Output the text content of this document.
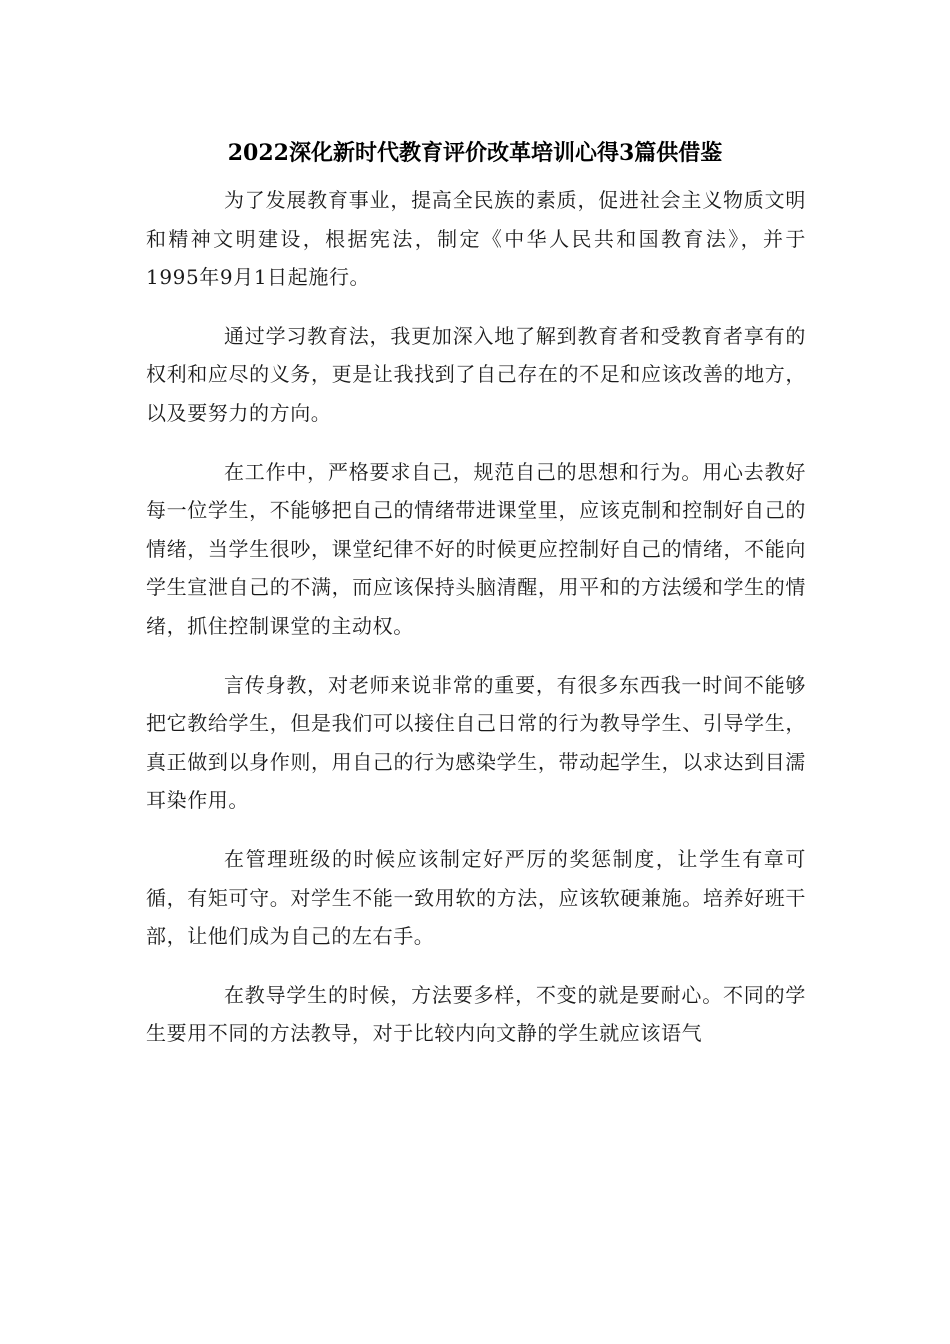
2022深化新时代教育评价改革培训心得3篇供借鉴

为了发展教育事业，提高全民族的素质，促进社会主义物质文明和精神文明建设，根据宪法，制定《中华人民共和国教育法》，并于1995年9月1日起施行。

通过学习教育法，我更加深入地了解到教育者和受教育者享有的权利和应尽的义务，更是让我找到了自己存在的不足和应该改善的地方，以及要努力的方向。

在工作中，严格要求自己，规范自己的思想和行为。用心去教好每一位学生，不能够把自己的情绪带进课堂里，应该克制和控制好自己的情绪，当学生很吵，课堂纪律不好的时候更应控制好自己的情绪，不能向学生宣泄自己的不满，而应该保持头脑清醒，用平和的方法缓和学生的情绪，抓住控制课堂的主动权。

言传身教，对老师来说非常的重要，有很多东西我一时间不能够把它教给学生，但是我们可以接住自己日常的行为教导学生、引导学生，真正做到以身作则，用自己的行为感染学生，带动起学生，以求达到目濡耳染作用。

在管理班级的时候应该制定好严厉的奖惩制度，让学生有章可循，有矩可守。对学生不能一致用软的方法，应该软硬兼施。培养好班干部，让他们成为自己的左右手。

在教导学生的时候，方法要多样，不变的就是要耐心。不同的学生要用不同的方法教导，对于比较内向文静的学生就应该语气
